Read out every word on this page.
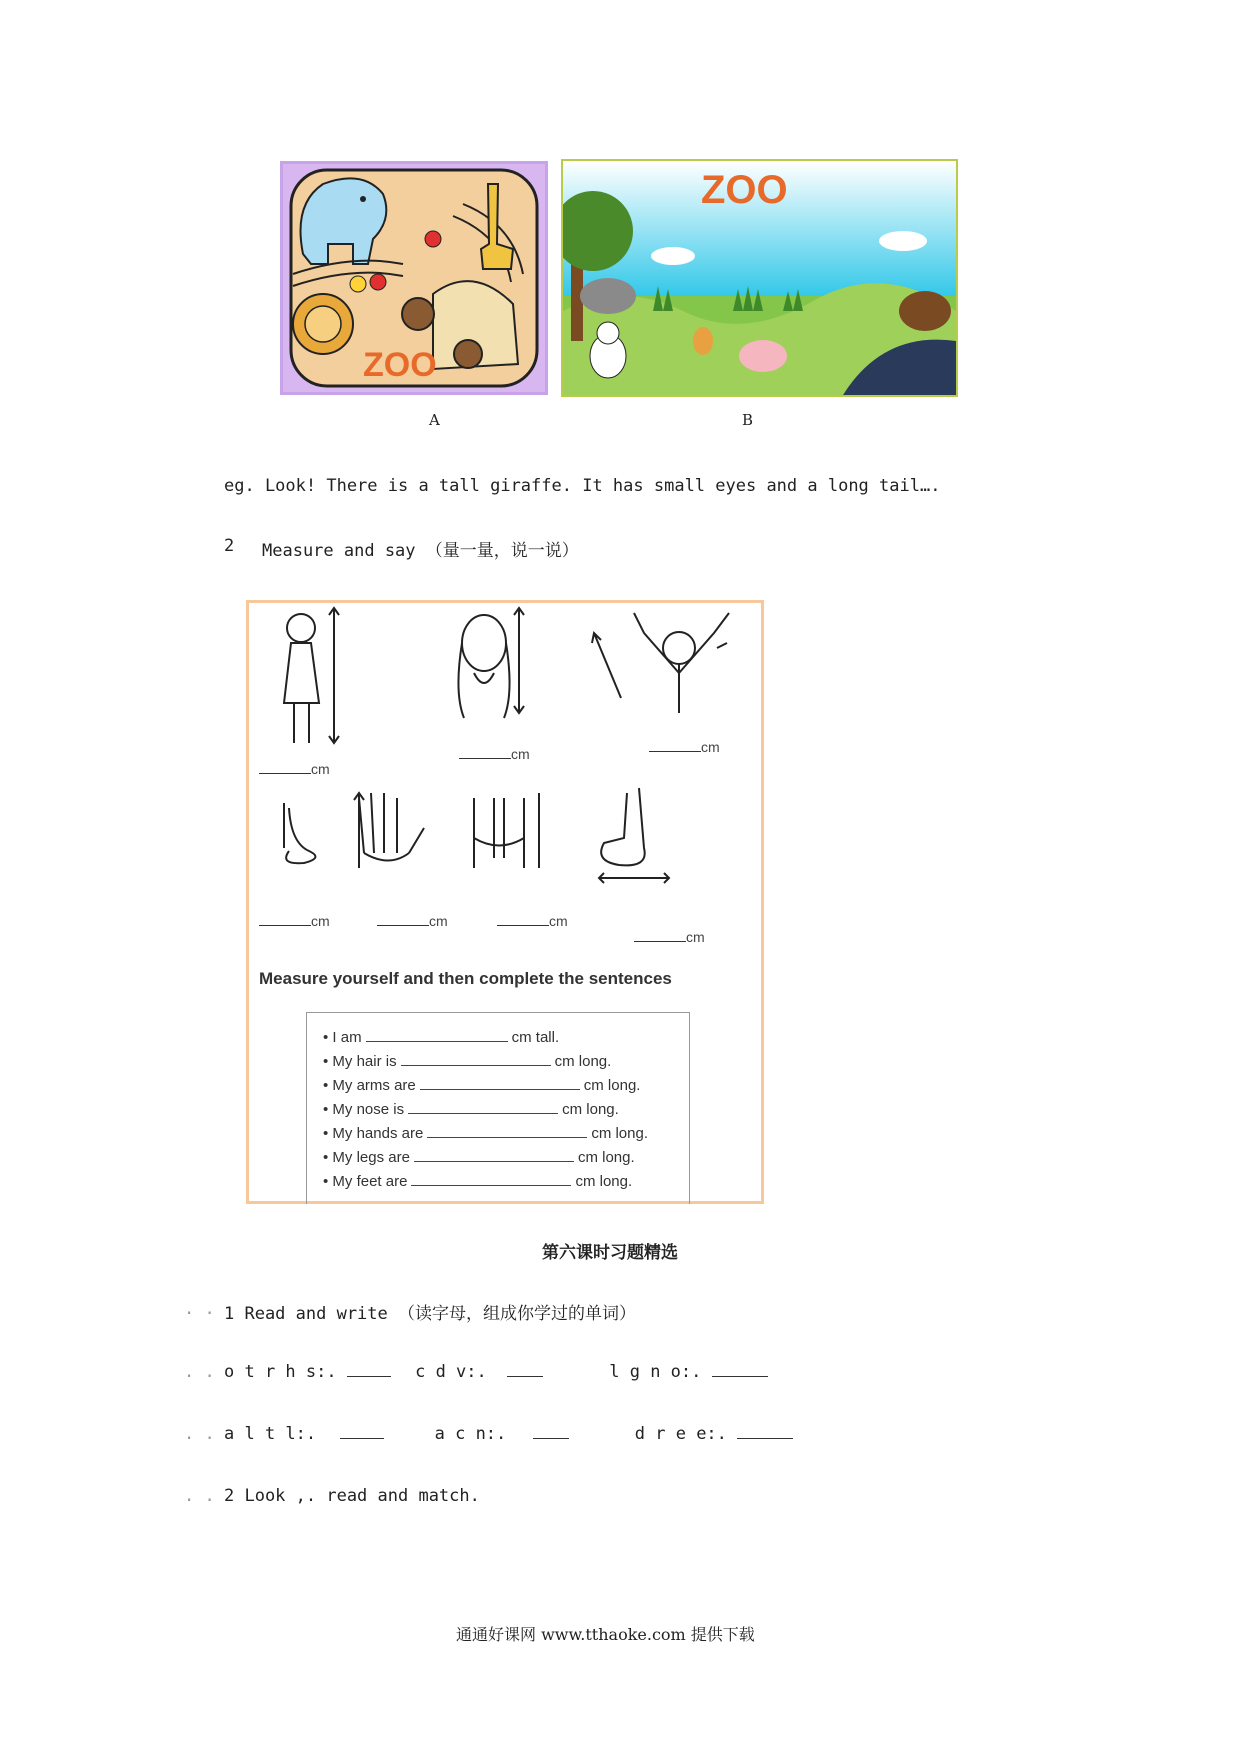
ZOO
ZOO
A	B
eg. Look! There is a tall giraffe. It has small eyes and a long tail….
2 Measure and say （量一量，说一说）
cm
cm	cm
cm	cm	cm
cm
Measure yourself and then complete the sentences
• I am	cm tall.
• My hair is	cm long.
• My arms are	cm long.
• My nose is	cm long.
• My hands are	cm long.
• My legs are	cm long.
• My feet are	cm long.
第六课时习题精选
. . 1 Read and write （读字母，组成你学过的单词）
. . o t r h s:.	c d v:.	l g n o:.
. . a l t l:.	a c n:.	d r e e:.
. . 2 Look ,. read and match.
通通好课网 www.tthaoke.com 提供下载
